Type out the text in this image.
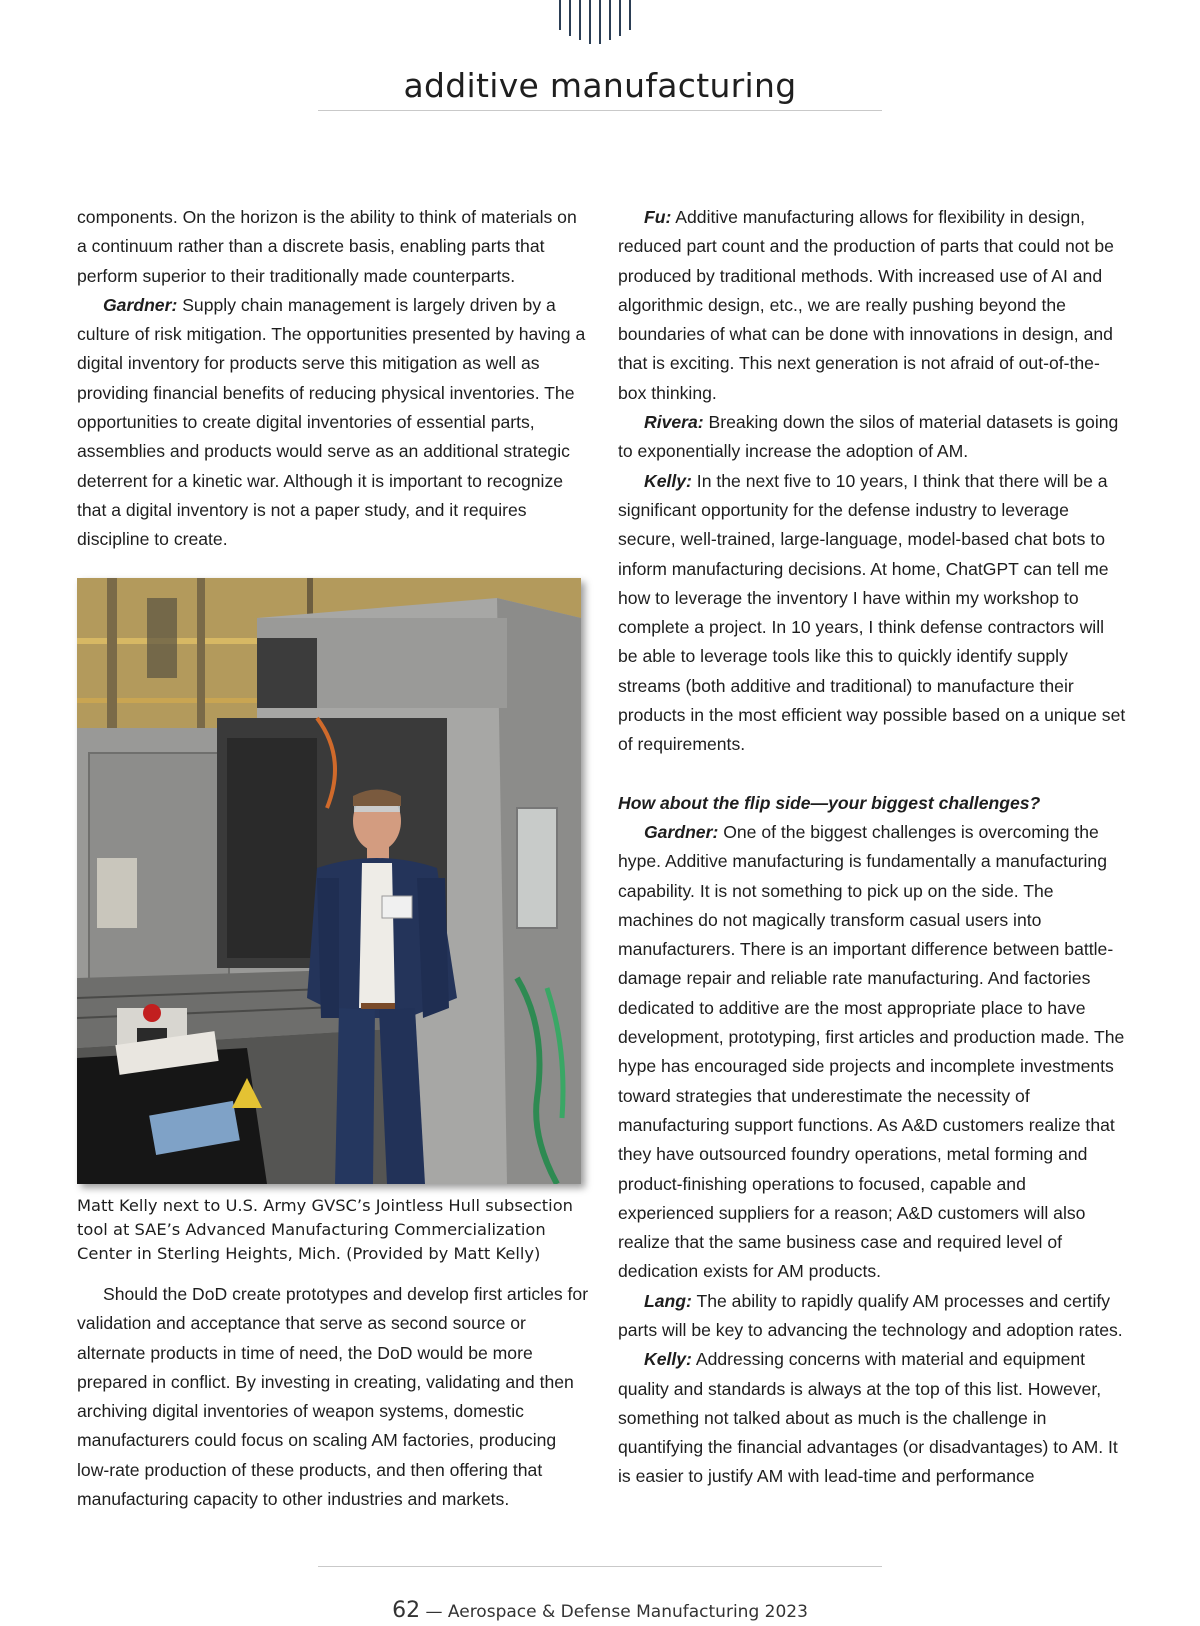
additive manufacturing

components. On the horizon is the ability to think of materials on a continuum rather than a discrete basis, enabling parts that perform superior to their traditionally made counterparts.

Gardner: Supply chain management is largely driven by a culture of risk mitigation. The opportunities presented by having a digital inventory for products serve this mitigation as well as providing financial benefits of reducing physical inventories. The opportunities to create digital inventories of essential parts, assemblies and products would serve as an additional strategic deterrent for a kinetic war. Although it is important to recognize that a digital inventory is not a paper study, and it requires discipline to create.

Matt Kelly next to U.S. Army GVSC’s Jointless Hull subsection tool at SAE’s Advanced Manufacturing Commercialization Center in Sterling Heights, Mich. (Provided by Matt Kelly)

Should the DoD create prototypes and develop first articles for validation and acceptance that serve as second source or alternate products in time of need, the DoD would be more prepared in conflict. By investing in creating, validating and then archiving digital inventories of weapon systems, domestic manufacturers could focus on scaling AM factories, producing low-rate production of these products, and then offering that manufacturing capacity to other industries and markets.

Fu: Additive manufacturing allows for flexibility in design, reduced part count and the production of parts that could not be produced by traditional methods. With increased use of AI and algorithmic design, etc., we are really pushing beyond the boundaries of what can be done with innovations in design, and that is exciting. This next generation is not afraid of out-of-the-box thinking.

Rivera: Breaking down the silos of material datasets is going to exponentially increase the adoption of AM.

Kelly: In the next five to 10 years, I think that there will be a significant opportunity for the defense industry to leverage secure, well-trained, large-language, model-based chat bots to inform manufacturing decisions. At home, ChatGPT can tell me how to leverage the inventory I have within my workshop to complete a project. In 10 years, I think defense contractors will be able to leverage tools like this to quickly identify supply streams (both additive and traditional) to manufacture their products in the most efficient way possible based on a unique set of requirements.

How about the flip side—your biggest challenges?

Gardner: One of the biggest challenges is overcoming the hype. Additive manufacturing is fundamentally a manufacturing capability. It is not something to pick up on the side. The machines do not magically transform casual users into manufacturers. There is an important difference between battle-damage repair and reliable rate manufacturing. And factories dedicated to additive are the most appropriate place to have development, prototyping, first articles and production made. The hype has encouraged side projects and incomplete investments toward strategies that underestimate the necessity of manufacturing support functions. As A&D customers realize that they have outsourced foundry operations, metal forming and product-finishing operations to focused, capable and experienced suppliers for a reason; A&D customers will also realize that the same business case and required level of dedication exists for AM products.

Lang: The ability to rapidly qualify AM processes and certify parts will be key to advancing the technology and adoption rates.

Kelly: Addressing concerns with material and equipment quality and standards is always at the top of this list. However, something not talked about as much is the challenge in quantifying the financial advantages (or disadvantages) to AM. It is easier to justify AM with lead-time and performance

62 — Aerospace & Defense Manufacturing 2023
